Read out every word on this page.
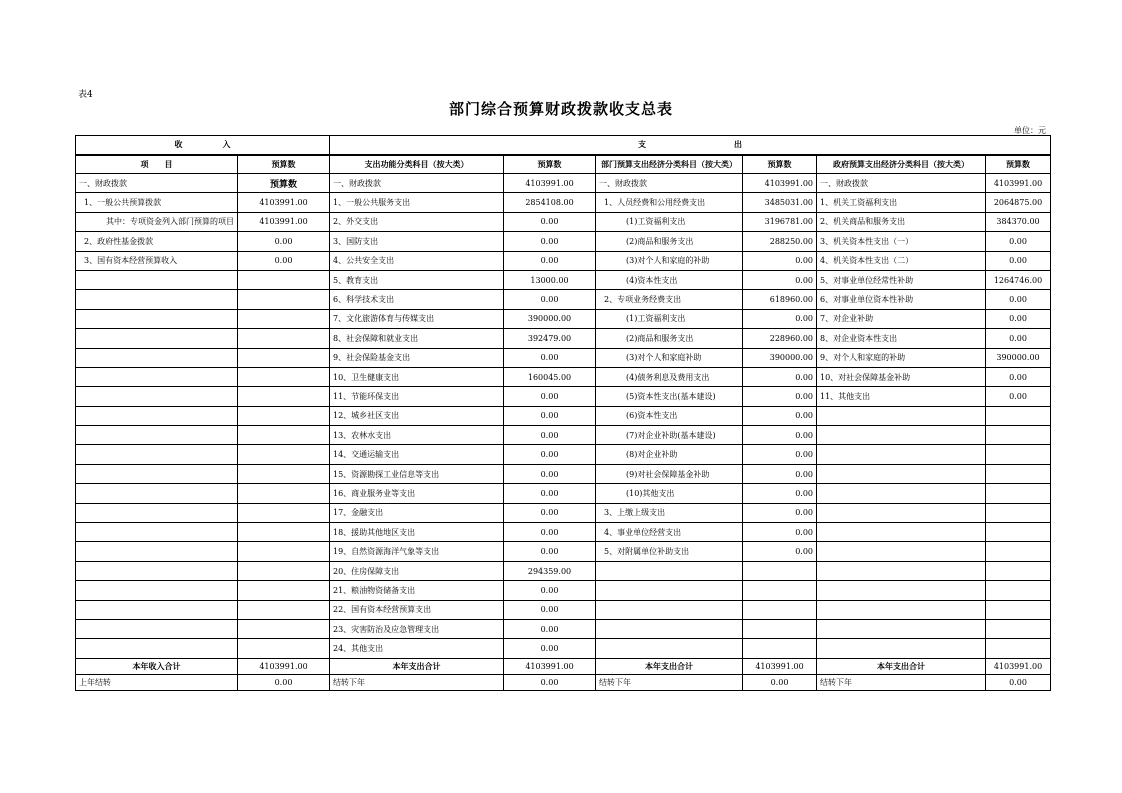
表4
部门综合预算财政拨款收支总表
单位：元
收　　　　　入		支　　　　　　　　　　　出					
项　　目	预算数	支出功能分类科目（按大类）	预算数	部门预算支出经济分类科目（按大类）	预算数	政府预算支出经济分类科目（按大类）	预算数
一、财政拨款	预算数	一、财政拨款	4103991.00	一、财政拨款	4103991.00	一、财政拨款	4103991.00
1、一般公共预算拨款	4103991.00	1、一般公共服务支出	2854108.00	1、人员经费和公用经费支出	3485031.00	1、机关工资福利支出	2064875.00
其中：专项资金列入部门预算的项目	4103991.00	2、外交支出	0.00	(1)工资福利支出	3196781.00	2、机关商品和服务支出	384370.00
2、政府性基金拨款	0.00	3、国防支出	0.00	(2)商品和服务支出	288250.00	3、机关资本性支出（一）	0.00
3、国有资本经营预算收入	0.00	4、公共安全支出	0.00	(3)对个人和家庭的补助	0.00	4、机关资本性支出（二）	0.00
		5、教育支出	13000.00	(4)资本性支出	0.00	5、对事业单位经常性补助	1264746.00
		6、科学技术支出	0.00	2、专项业务经费支出	618960.00	6、对事业单位资本性补助	0.00
		7、文化旅游体育与传媒支出	390000.00	(1)工资福利支出	0.00	7、对企业补助	0.00
		8、社会保障和就业支出	392479.00	(2)商品和服务支出	228960.00	8、对企业资本性支出	0.00
		9、社会保险基金支出	0.00	(3)对个人和家庭补助	390000.00	9、对个人和家庭的补助	390000.00
		10、卫生健康支出	160045.00	(4)债务利息及费用支出	0.00	10、对社会保障基金补助	0.00
		11、节能环保支出	0.00	(5)资本性支出(基本建设)	0.00	11、其他支出	0.00
		12、城乡社区支出	0.00	(6)资本性支出	0.00		
		13、农林水支出	0.00	(7)对企业补助(基本建设)	0.00		
		14、交通运输支出	0.00	(8)对企业补助	0.00		
		15、资源勘探工业信息等支出	0.00	(9)对社会保障基金补助	0.00		
		16、商业服务业等支出	0.00	(10)其他支出	0.00		
		17、金融支出	0.00	3、上缴上级支出	0.00		
		18、援助其他地区支出	0.00	4、事业单位经营支出	0.00		
		19、自然资源海洋气象等支出	0.00	5、对附属单位补助支出	0.00		
		20、住房保障支出	294359.00				
		21、粮油物资储备支出	0.00				
		22、国有资本经营预算支出	0.00				
		23、灾害防治及应急管理支出	0.00				
		24、其他支出	0.00				
本年收入合计	4103991.00	本年支出合计	4103991.00	本年支出合计	4103991.00	本年支出合计	4103991.00
上年结转	0.00	结转下年	0.00	结转下年	0.00	结转下年	0.00
